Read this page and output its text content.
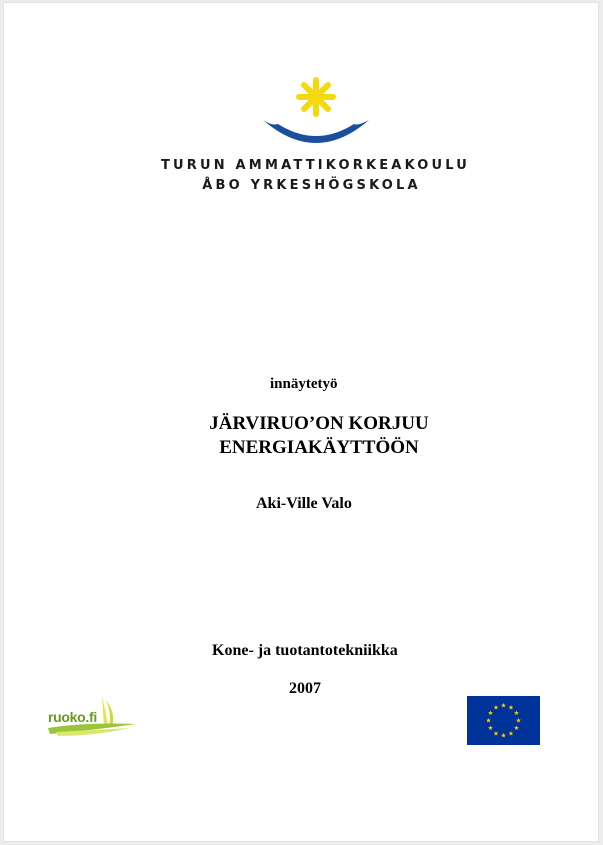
TURUN AMMATTIKORKEAKOULU
ÅBO YRKESHÖGSKOLA
innäytetyö
JÄRVIRUO’ON KORJUU
ENERGIAKÄYTTÖÖN
Aki-Ville Valo
Kone- ja tuotantotekniikka
2007
ruoko.fi
